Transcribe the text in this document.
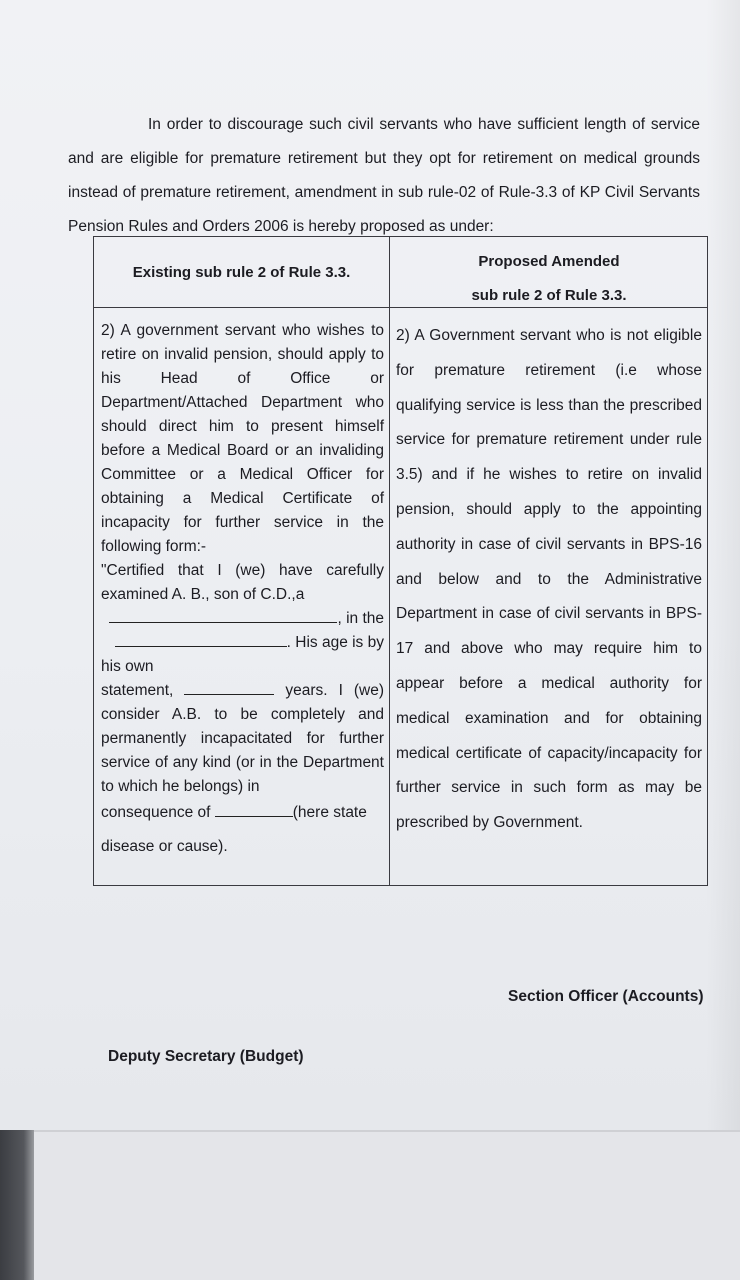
In order to discourage such civil servants who have sufficient length of service and are eligible for premature retirement but they opt for retirement on medical grounds instead of premature retirement, amendment in sub rule-02 of Rule-3.3 of KP Civil Servants Pension Rules and Orders 2006 is hereby proposed as under:
Existing sub rule 2 of Rule 3.3.
Proposed Amended
sub rule 2 of Rule 3.3.

2) A government servant who wishes to retire on invalid pension, should apply to his Head of Office or Department/Attached Department who should direct him to present himself before a Medical Board or an invaliding Committee or a Medical Officer for obtaining a Medical Certificate of incapacity for further service in the following form:-

"Certified that I (we) have carefully examined A. B., son of C.D.,a

, in the

. His age is by

his own

statement,	years. I (we) consider A.B. to be completely and permanently incapacitated for further service of any kind (or in the Department to which he belongs) in

consequence of	(here state

disease or cause).

2) A Government servant who is not eligible for premature retirement (i.e whose qualifying service is less than the prescribed service for premature retirement under rule 3.5) and if he wishes to retire on invalid pension, should apply to the appointing authority in case of civil servants in BPS-16 and below and to the Administrative Department in case of civil servants in BPS-17 and above who may require him to appear before a medical authority for medical examination and for obtaining medical certificate of capacity/incapacity for further service in such form as may be prescribed by Government.
Section Officer (Accounts)
Deputy Secretary (Budget)
